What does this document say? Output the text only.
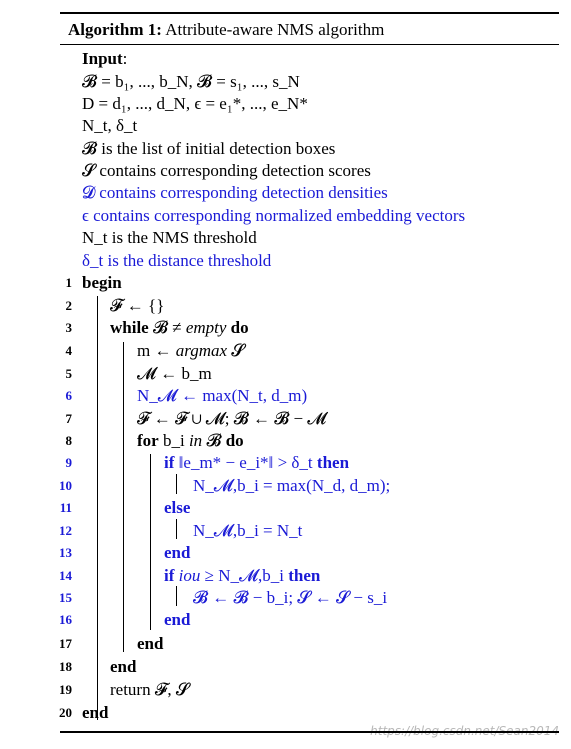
Algorithm 1: Attribute-aware NMS algorithm
Input:
𝓑 = b₁, ..., b_N, 𝓑 = s₁, ..., s_N
D = d₁, ..., d_N, ϵ = e₁*, ..., e_N*
N_t, δ_t
𝓑 is the list of initial detection boxes
𝓢 contains corresponding detection scores
𝓓 contains corresponding detection densities
ϵ contains corresponding normalized embedding vectors
N_t is the NMS threshold
δ_t is the distance threshold
1 begin
2 𝓕 ← {}
3 while 𝓑 ≠ empty do
4	m ← argmax 𝓢
5	𝓜 ← b_m
6	N_𝓜 ← max(N_t, d_m)
7	𝓕 ← 𝓕 ∪ 𝓜; 𝓑 ← 𝓑 − 𝓜
8	for b_i in 𝓑 do
9	if ‖e_m* − e_i*‖ > δ_t then
10	N_𝓜,b_i = max(N_d, d_m);
11	else
12	N_𝓜,b_i = N_t
13	end
14	if iou ≥ N_𝓜,b_i then
15	𝓑 ← 𝓑 − b_i; 𝓢 ← 𝓢 − s_i
16	end
17	end
18 end
19 return 𝓕, 𝓢
20 end
